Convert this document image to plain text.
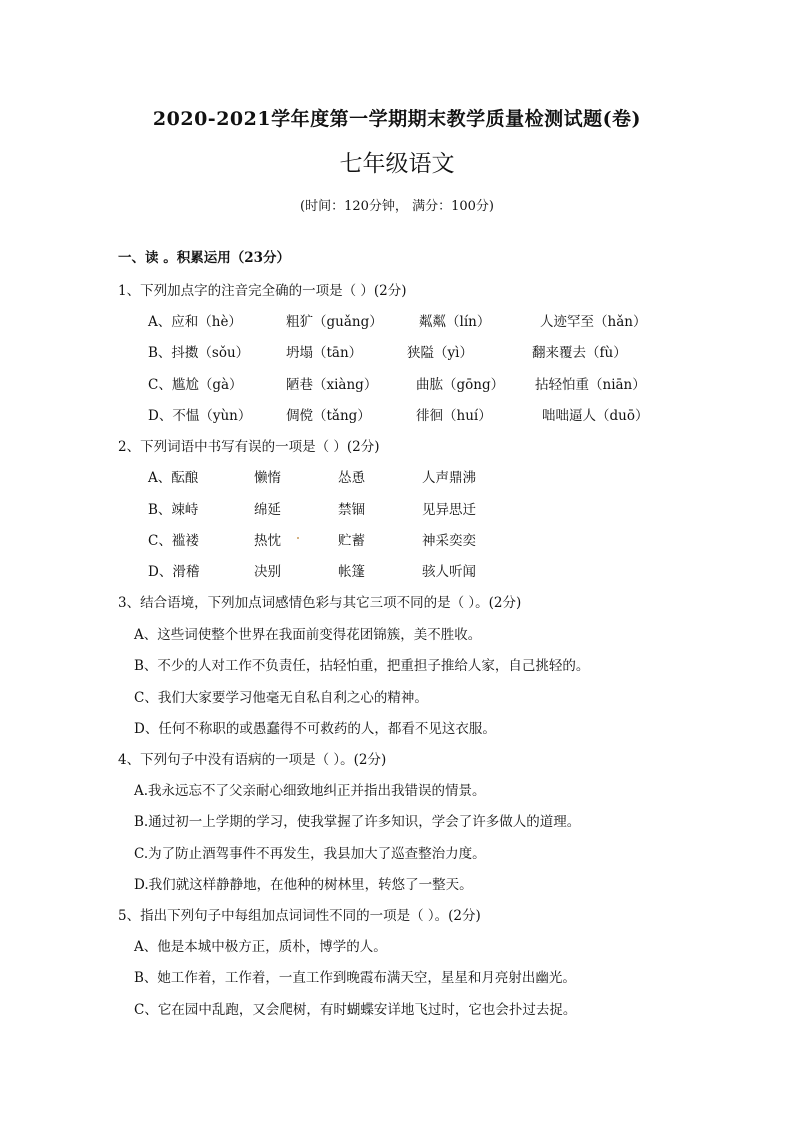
2020-2021学年度第一学期期末教学质量检测试题(卷)
七年级语文
(时间：120分钟， 满分：100分)
一、读 。积累运用（23分）
1、下列加点字的注音完全确的一项是（ ）(2分)
A、应和（hè）	粗犷（guǎng）	粼粼（lín）	人迹罕至（hǎn）
B、抖擞（sǒu）	坍塌（tān）	狭隘（yì）	翻来覆去（fù）
C、尴尬（gà）	陋巷（xiàng）	曲肱（gōng） 拈轻怕重（niān）
D、不愠（yùn）	倜傥（tǎng）	徘徊（huí）	咄咄逼人（duō）
2、下列词语中书写有误的一项是（ ）(2分)
A、酝酿	懒惰	怂恿	人声鼎沸
B、竦峙	绵延	禁锢	见异思迁
C、褴褛	热忱	贮蓄	神采奕奕
D、滑稽	决别	帐篷	骇人听闻
3、结合语境，下列加点词感情色彩与其它三项不同的是（ ）。(2分)
A、这些词使整个世界在我面前变得花团锦簇，美不胜收。
B、不少的人对工作不负责任，拈轻怕重，把重担子推给人家，自己挑轻的。
C、我们大家要学习他毫无自私自利之心的精神。
D、任何不称职的或愚蠢得不可救药的人，都看不见这衣服。
4、下列句子中没有语病的一项是（ ）。(2分)
A.我永远忘不了父亲耐心细致地纠正并指出我错误的情景。
B.通过初一上学期的学习，使我掌握了许多知识，学会了许多做人的道理。
C.为了防止酒驾事件不再发生，我县加大了巡查整治力度。
D.我们就这样静静地，在他种的树林里，转悠了一整天。
5、指出下列句子中每组加点词词性不同的一项是（ ）。(2分)
A、他是本城中极方正，质朴，博学的人。
B、她工作着，工作着，一直工作到晚霞布满天空，星星和月亮射出幽光。
C、它在园中乱跑，又会爬树，有时蝴蝶安详地飞过时，它也会扑过去捉。
